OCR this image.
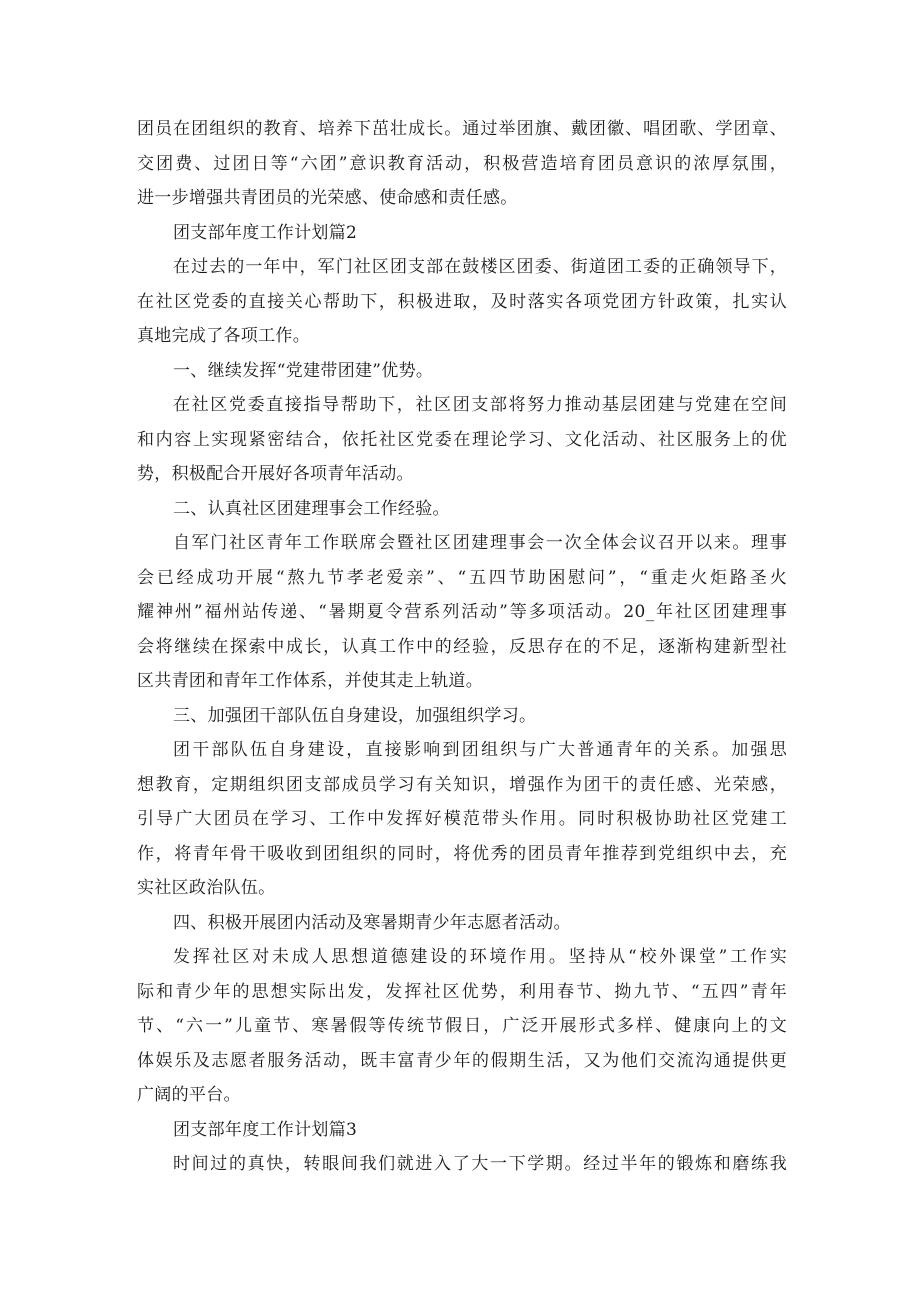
团员在团组织的教育、培养下茁壮成长。通过举团旗、戴团徽、唱团歌、学团章、

交团费、过团日等“六团”意识教育活动，积极营造培育团员意识的浓厚氛围，

进一步增强共青团员的光荣感、使命感和责任感。

团支部年度工作计划篇2

在过去的一年中，军门社区团支部在鼓楼区团委、街道团工委的正确领导下，

在社区党委的直接关心帮助下，积极进取，及时落实各项党团方针政策，扎实认

真地完成了各项工作。

一、继续发挥“党建带团建”优势。

在社区党委直接指导帮助下，社区团支部将努力推动基层团建与党建在空间

和内容上实现紧密结合，依托社区党委在理论学习、文化活动、社区服务上的优

势，积极配合开展好各项青年活动。

二、认真社区团建理事会工作经验。

自军门社区青年工作联席会暨社区团建理事会一次全体会议召开以来。理事

会已经成功开展“熬九节孝老爱亲”、“五四节助困慰问”，“重走火炬路圣火

耀神州”福州站传递、“暑期夏令营系列活动”等多项活动。20_年社区团建理事

会将继续在探索中成长，认真工作中的经验，反思存在的不足，逐渐构建新型社

区共青团和青年工作体系，并使其走上轨道。

三、加强团干部队伍自身建设，加强组织学习。

团干部队伍自身建设，直接影响到团组织与广大普通青年的关系。加强思

想教育，定期组织团支部成员学习有关知识，增强作为团干的责任感、光荣感，

引导广大团员在学习、工作中发挥好模范带头作用。同时积极协助社区党建工

作，将青年骨干吸收到团组织的同时，将优秀的团员青年推荐到党组织中去，充

实社区政治队伍。

四、积极开展团内活动及寒暑期青少年志愿者活动。

发挥社区对未成人思想道德建设的环境作用。坚持从“校外课堂”工作实

际和青少年的思想实际出发，发挥社区优势，利用春节、拗九节、“五四”青年

节、“六一”儿童节、寒暑假等传统节假日，广泛开展形式多样、健康向上的文

体娱乐及志愿者服务活动，既丰富青少年的假期生活，又为他们交流沟通提供更

广阔的平台。

团支部年度工作计划篇3

时间过的真快，转眼间我们就进入了大一下学期。经过半年的锻炼和磨练我
